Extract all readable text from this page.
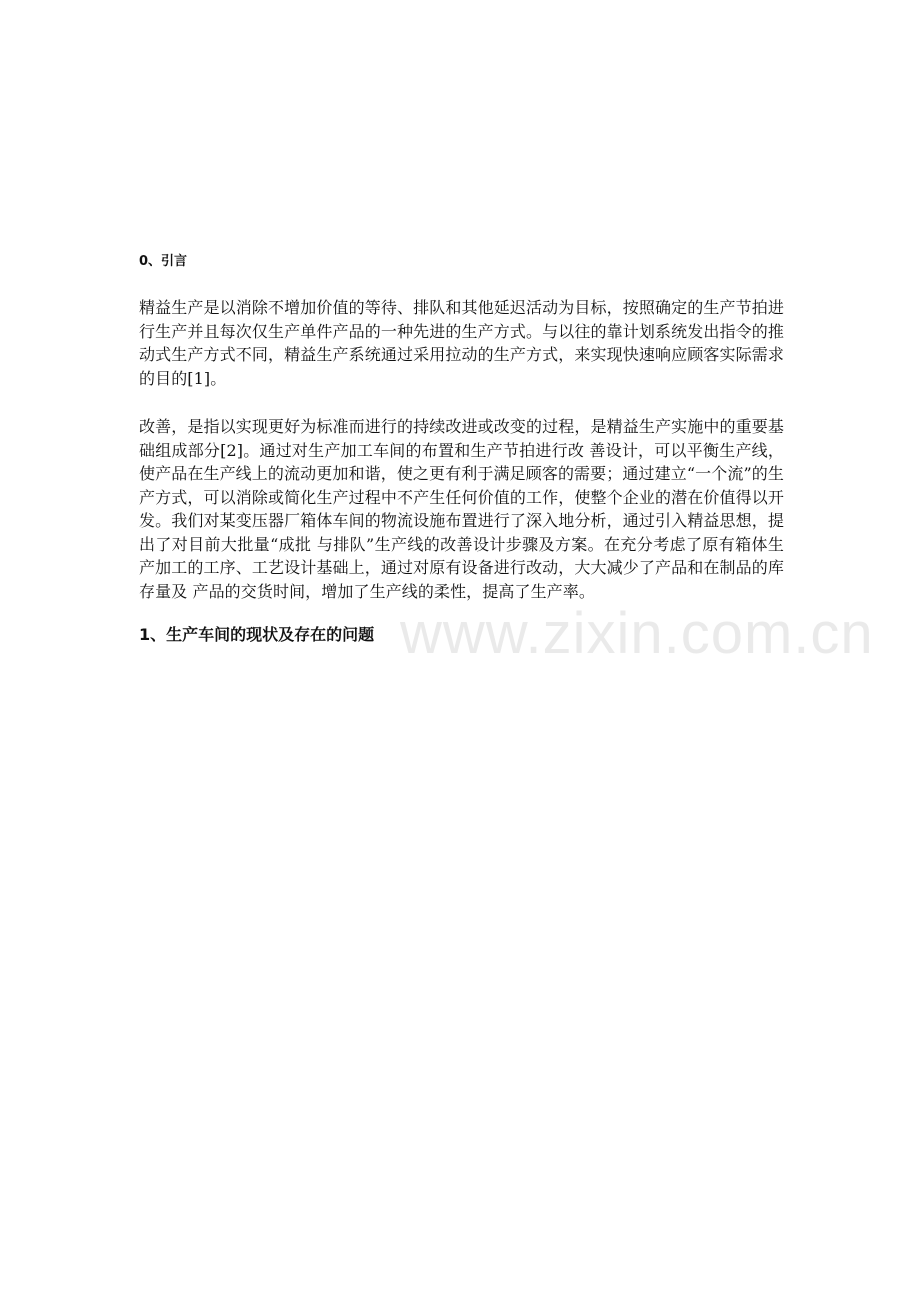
0、引言

精益生产是以消除不增加价值的等待、排队和其他延迟活动为目标，按照确定的生产节拍进行生产并且每次仅生产单件产品的一种先进的生产方式。与以往的靠计划系统发出指令的推动式生产方式不同，精益生产系统通过采用拉动的生产方式，来实现快速响应顾客实际需求的目的[1]。

改善，是指以实现更好为标准而进行的持续改进或改变的过程，是精益生产实施中的重要基础组成部分[2]。通过对生产加工车间的布置和生产节拍进行改 善设计，可以平衡生产线，使产品在生产线上的流动更加和谐，使之更有利于满足顾客的需要；通过建立“一个流”的生产方式，可以消除或简化生产过程中不产生任何价值的工作，使整个企业的潜在价值得以开发。我们对某变压器厂箱体车间的物流设施布置进行了深入地分析，通过引入精益思想，提出了对目前大批量“成批 与排队”生产线的改善设计步骤及方案。在充分考虑了原有箱体生产加工的工序、工艺设计基础上，通过对原有设备进行改动，大大减少了产品和在制品的库存量及 产品的交货时间，增加了生产线的柔性，提高了生产率。

1、生产车间的现状及存在的问题 www.zixin.com.cn
